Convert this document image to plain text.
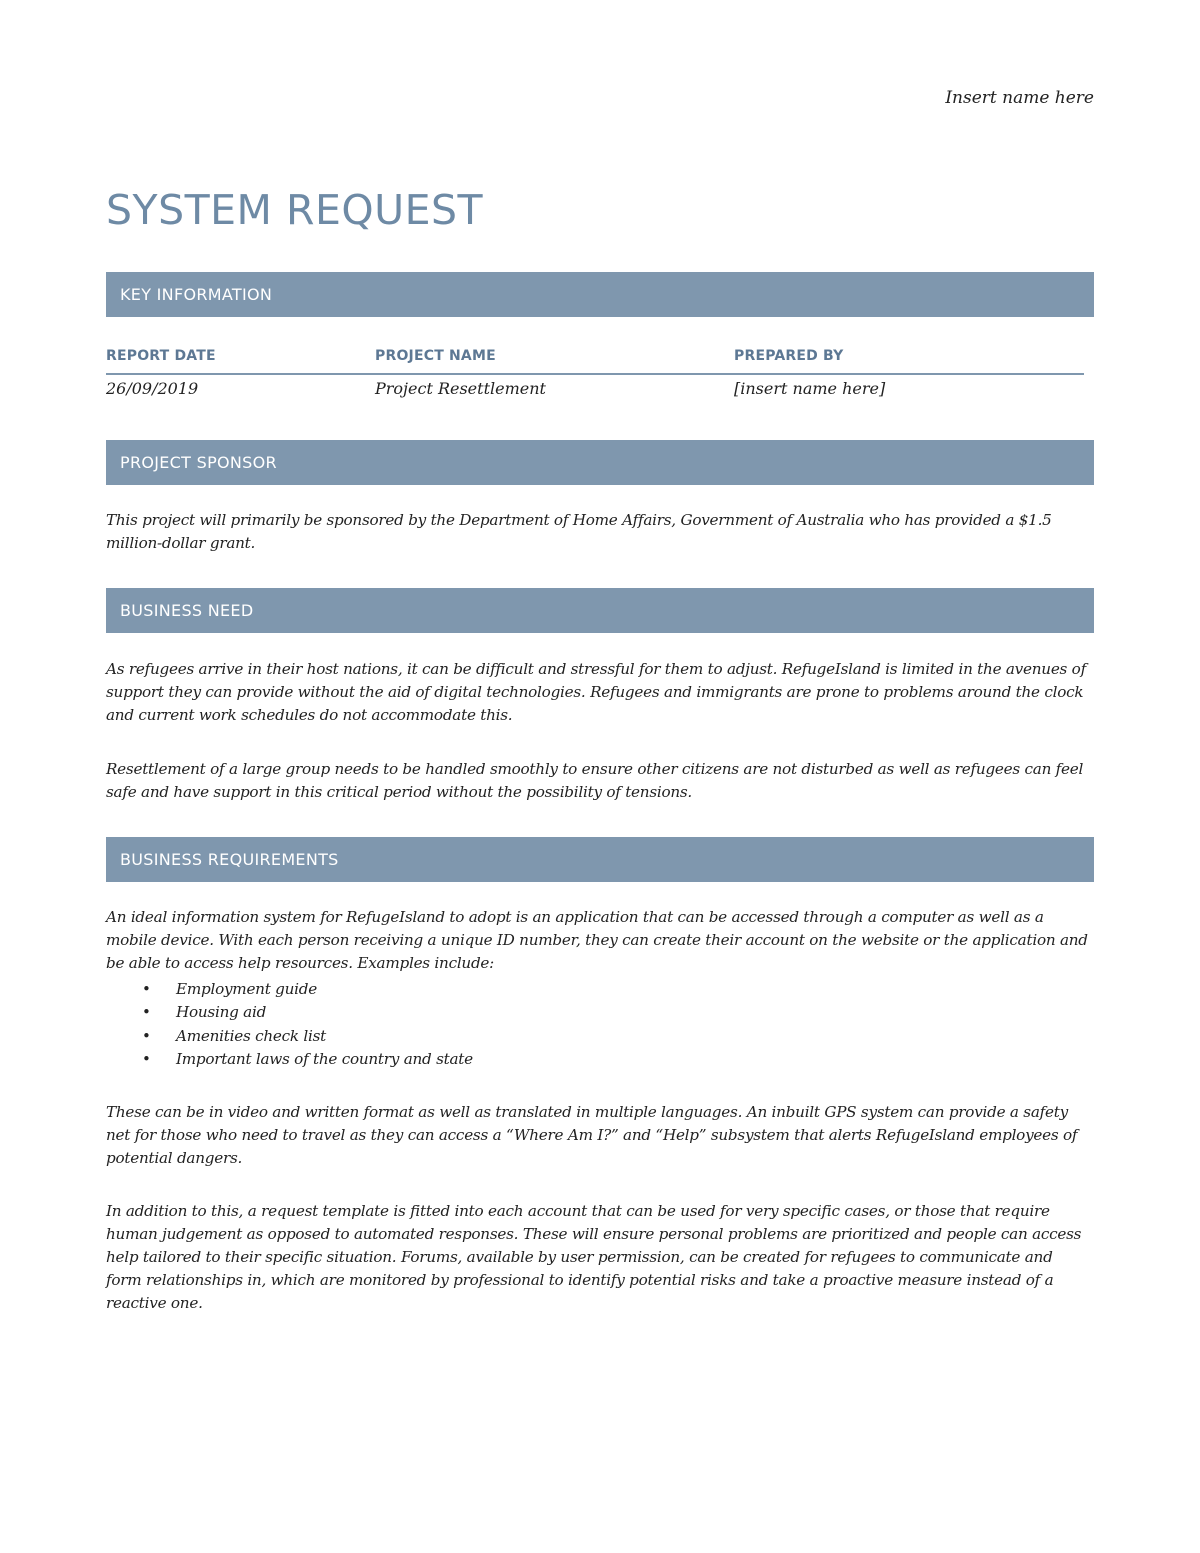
Insert name here
SYSTEM REQUEST
KEY INFORMATION
REPORT DATE	PROJECT NAME	PREPARED BY
26/09/2019	Project Resettlement	[insert name here]
PROJECT SPONSOR

This project will primarily be sponsored by the Department of Home Affairs, Government of Australia who has provided a $1.5 million-dollar grant.

BUSINESS NEED

As refugees arrive in their host nations, it can be difficult and stressful for them to adjust. RefugeIsland is limited in the avenues of support they can provide without the aid of digital technologies. Refugees and immigrants are prone to problems around the clock and current work schedules do not accommodate this.

Resettlement of a large group needs to be handled smoothly to ensure other citizens are not disturbed as well as refugees can feel safe and have support in this critical period without the possibility of tensions.

BUSINESS REQUIREMENTS

An ideal information system for RefugeIsland to adopt is an application that can be accessed through a computer as well as a mobile device. With each person receiving a unique ID number, they can create their account on the website or the application and be able to access help resources. Examples include:

• Employment guide
• Housing aid
• Amenities check list
• Important laws of the country and state

These can be in video and written format as well as translated in multiple languages. An inbuilt GPS system can provide a safety net for those who need to travel as they can access a “Where Am I?” and “Help” subsystem that alerts RefugeIsland employees of potential dangers.

In addition to this, a request template is fitted into each account that can be used for very specific cases, or those that require human judgement as opposed to automated responses. These will ensure personal problems are prioritized and people can access help tailored to their specific situation. Forums, available by user permission, can be created for refugees to communicate and form relationships in, which are monitored by professional to identify potential risks and take a proactive measure instead of a reactive one.
